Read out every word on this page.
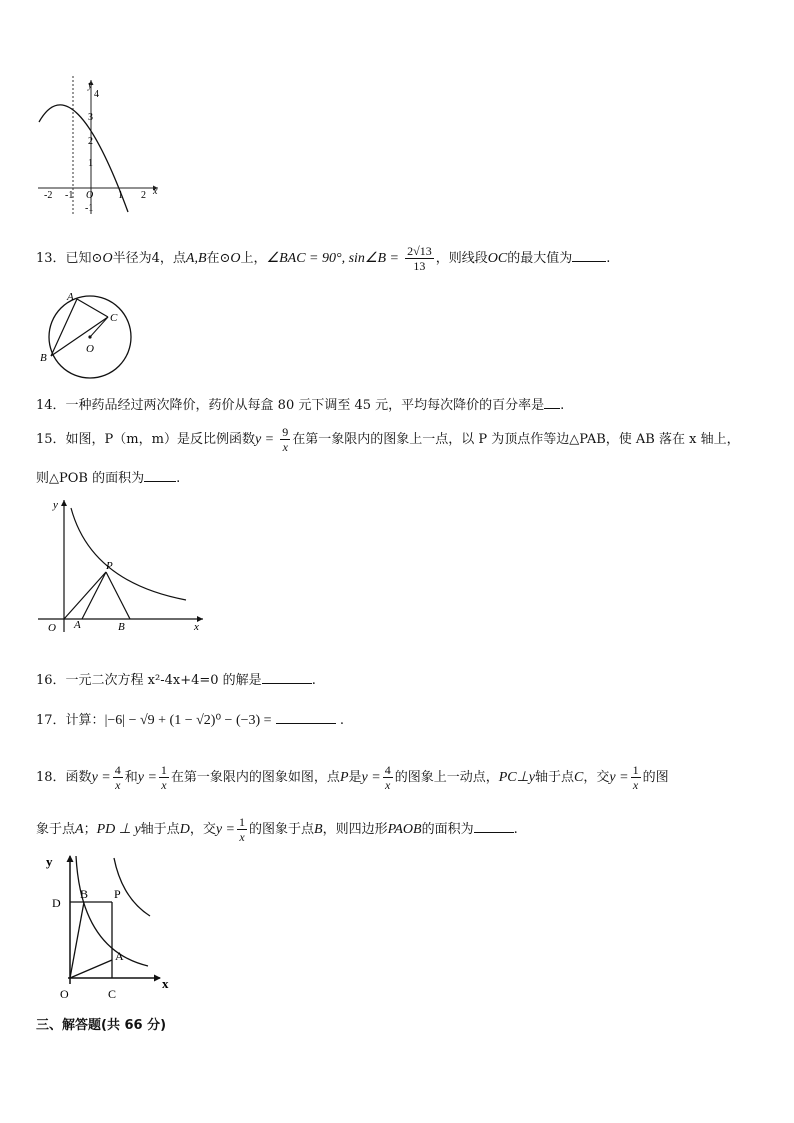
y
x
4
3
2
1
-1
-2 -1 O 1 2
13．已知⊙O半径为4，点A,B在⊙O上，∠BAC = 90°, sin∠B = $\frac{2√13}{13}$ ，则线段OC的最大值为	.
A
B
C
O
14．一种药品经过两次降价，药价从每盒 80 元下调至 45 元，平均每次降价的百分率是 .
15．如图，P（m，m）是反比例函数$y = \frac{9}{x}$ 在第一象限内的图象上一点，以 P 为顶点作等边△PAB，使 AB 落在 x 轴上，
则△POB 的面积为 .
y
x
P
O A	B
16．一元二次方程 x²-4x+4=0 的解是	.
17．计算：|−6| − √9 + (1 − √2)⁰ − (−3) =	.
18．函数$y = \frac{4}{x}$ 和$y = \frac{1}{x}$ 在第一象限内的图象如图，点P是$y = \frac{4}{x}$ 的图象上一动点，PC⊥y轴于点C，交$y = \frac{1}{x}$ 的图
象于点A；PD ⊥ y轴于点D，交$y = \frac{1}{x}$ 的图象于点B，则四边形PAOB的面积为	.
y
x
D
B P
A
O	C
三、解答题(共 66 分)
